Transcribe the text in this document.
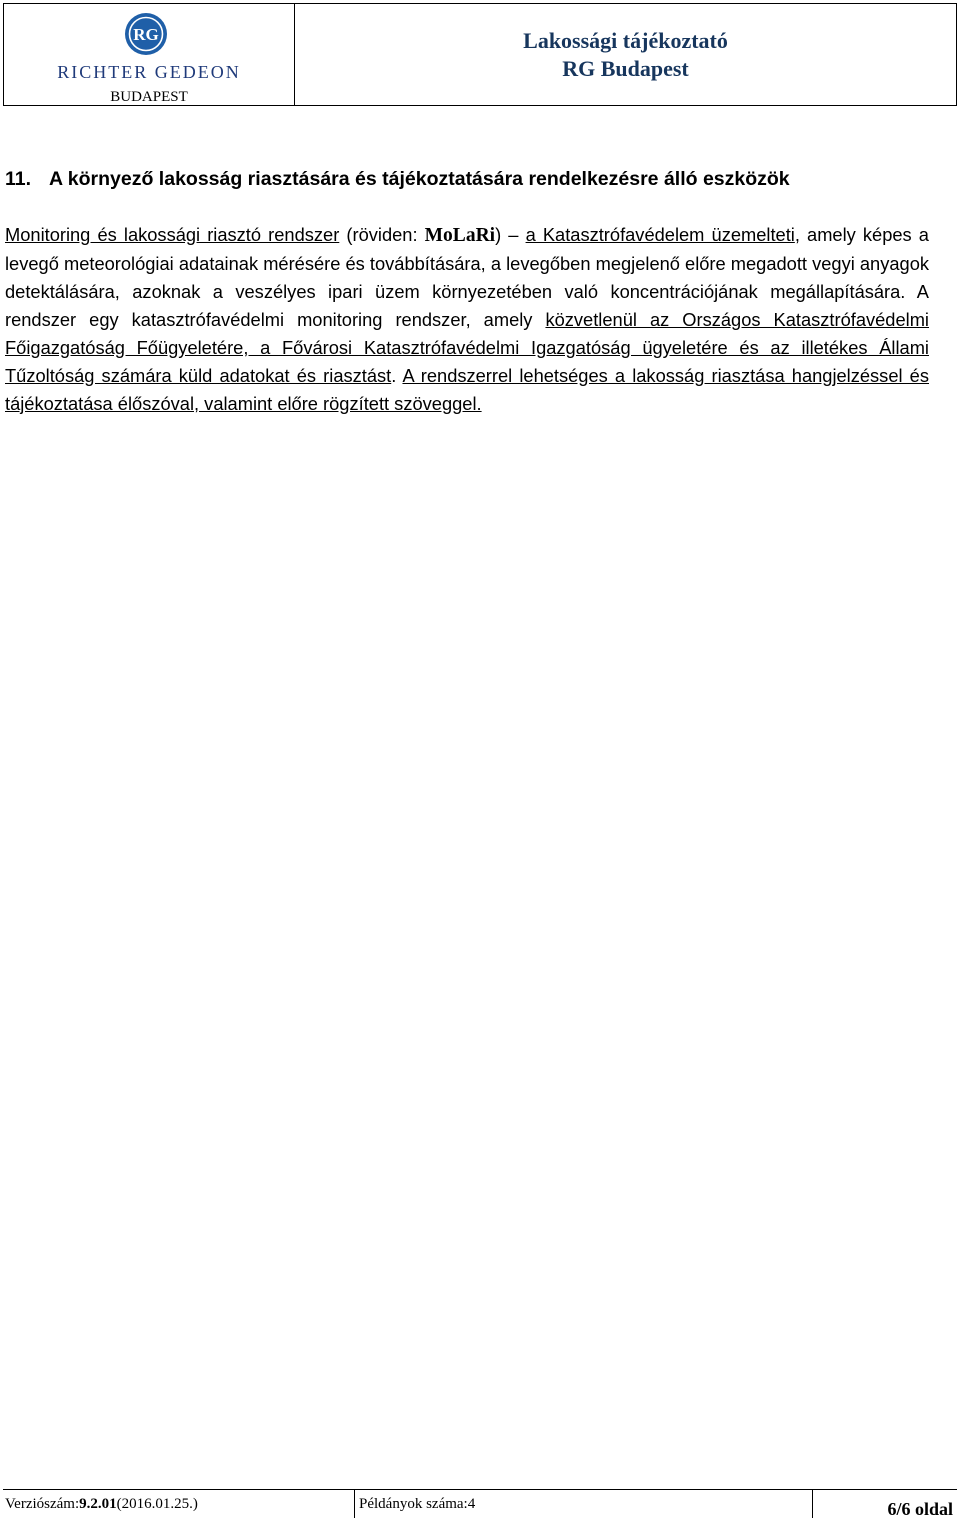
RG
RICHTER GEDEON
BUDAPEST
Lakossági tájékoztató
RG Budapest
11. A környező lakosság riasztására és tájékoztatására rendelkezésre álló eszközök
Monitoring és lakossági riasztó rendszer (röviden: MoLaRi) – a Katasztrófavédelem üzemelteti, amely képes a levegő meteorológiai adatainak mérésére és továbbítására, a levegőben megjelenő előre megadott vegyi anyagok detektálására, azoknak a veszélyes ipari üzem környezetében való koncentrációjának megállapítására. A rendszer egy katasztrófavédelmi monitoring rendszer, amely közvetlenül az Országos Katasztrófavédelmi Főigazgatóság Főügyeletére, a Fővárosi Katasztrófavédelmi Igazgatóság ügyeletére és az illetékes Állami Tűzoltóság számára küld adatokat és riasztást. A rendszerrel lehetséges a lakosság riasztása hangjelzéssel és tájékoztatása élőszóval, valamint előre rögzített szöveggel.
Verziószám: 9.2.01 (2016.01.25.)	Példányok száma: 4	6/6 oldal
